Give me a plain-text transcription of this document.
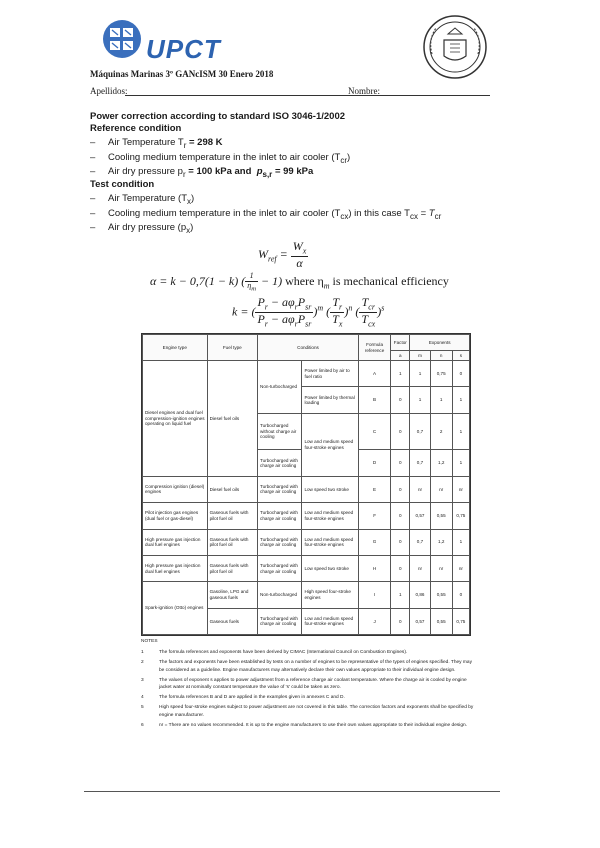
UPCT
Máquinas Marinas 3º GANcISM 30 Enero 2018
Apellidos:	Nombre:
Power correction according to standard ISO 3046-1/2002
Reference condition
– Air Temperature $T_r = 298$ K
– Cooling medium temperature in the inlet to air cooler $(T_{cr})$
– Air dry pressure $p_r = 100$ kPa and $p_{s,r} = 99$ kPa
Test condition
– Air Temperature $(T_x)$
– Cooling medium temperature in the inlet to air cooler $(T_{cx})$ in this case $T_{cx} = T_{cr}$
– Air dry pressure $(p_x)$
$W_{ref} = \frac{W_x}{\alpha}$
α = k − 0,7(1 − k) ( $\frac{1}{\eta_m} - 1$) where $\eta_m$ is mechanical efficiency
k = ( $\frac{P_r - a\varphi_rP_{sr}}{P_r - a\varphi_rP_{sr}} )^m$ ( $\frac{T_r}{T_x} )^n$ ( $\frac{T_{cr}}{T_{cx}} )^s$
Engine type	Fuel type	Conditions		Formula reference	Factor	Exponents		
					a	m	n	s
Diesel engines and dual fuel compression-ignition engines operating on liquid fuel	Diesel fuel oils	Non-turbocharged	Power limited by air to fuel ratio	A	1	1	0,75	0
			Power limited by thermal loading	B	0	1	1	1
		Turbocharged without charge air cooling	Low and medium speed four-stroke engines	C	0	0,7	2	1
		Turbocharged with charge air cooling		D	0	0,7	1,2	1
Compression ignition (diesel) engines	Diesel fuel oils	Turbocharged with charge air cooling	Low speed two stroke	E	0	nr	nr	nr
Pilot injection gas engines (dual fuel or gas-diesel)	Gaseous fuels with pilot fuel oil	Turbocharged with charge air cooling	Low and medium speed four-stroke engines	F	0	0,57	0,55	0,75
High pressure gas injection dual fuel engines	Gaseous fuels with pilot fuel oil	Turbocharged with charge air cooling	Low and medium speed four-stroke engines	G	0	0,7	1,2	1
High pressure gas injection dual fuel engines	Gaseous fuels with pilot fuel oil	Turbocharged with charge air cooling	Low speed two stroke	H	0	nr	nr	nr
Spark-ignition (Otto) engines	Gasoline, LPG and gaseous fuels	Non-turbocharged	High speed four-stroke engines	I	1	0,86	0,55	0
	Gaseous fuels	Turbocharged with charge air cooling	Low and medium speed four-stroke engines	J	0	0,57	0,55	0,75
NOTES
1	The formula references and exponents have been derived by CIMAC (International Council on Combustion Engines).
2	The factors and exponents have been established by tests on a number of engines to be representative of the types of engines specified. They may be considered as a guideline. Engine manufacturers may alternatively declare their own values appropriate to their individual engine design.
3	The values of exponent s applies to power adjustment from a reference charge air coolant temperature. Where the charge air is cooled by engine jacket water at nominally constant temperature the value of 's' could be taken as zero.
4	The formula references B and D are applied in the examples given in annexes C and D.
5	High speed four-stroke engines subject to power adjustment are not covered in this table. The correction factors and exponents shall be specified by engine manufacturer.
6	nr = There are no values recommended. It is up to the engine manufacturers to use their own values appropriate to their individual engine design.
